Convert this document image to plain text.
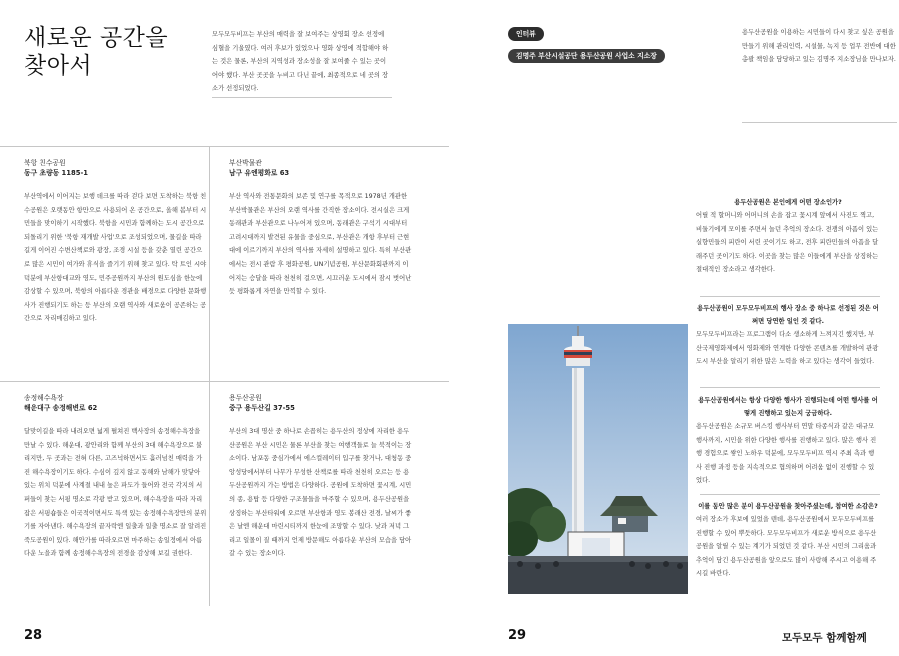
새로운 공간을 찾아서
모두모두비프는 부산의 매력을 잘 보여주는 상영회 장소 선정에 심혈을 기울였다. 여러 후보가 있었으나 영화 상영에 적합해야 하는 것은 물론, 부산의 지역성과 장소성을 잘 보여줄 수 있는 곳이어야 했다. 부산 곳곳을 누비고 다닌 끝에, 최종적으로 네 곳의 장소가 선정되었다.
북항 친수공원
동구 초량동 1185-1
부산역에서 이어지는 보행 데크를 따라 걷다 보면 도착하는 북항 친수공원은 오랫동안 항만으로 사용되어 온 공간으로, 올해 봄부터 시민들을 맞이하기 시작했다. 북항을 시민과 함께하는 도시 공간으로 되돌리기 위한 '북항 재개발 사업'으로 조성되었으며, 물길을 따라 길게 이어진 수변산책로와 광장, 조경 시설 등을 갖춘 열린 공간으로 많은 시민이 여가와 휴식을 즐기기 위해 찾고 있다. 탁 트인 시야 덕분에 부산항대교와 영도, 민주공원까지 부산의 원도심을 한눈에 감상할 수 있으며, 북항의 아름다운 경관을 배경으로 다양한 문화행사가 진행되기도 하는 등 부산의 오랜 역사와 새로움이 공존하는 공간으로 자리매김하고 있다.
부산박물관
남구 유엔평화로 63
부산 역사와 전통문화의 보존 및 연구를 목적으로 1978년 개관한 부산박물관은 부산의 오랜 역사를 간직한 장소이다. 전시실은 크게 동래관과 부산관으로 나누어져 있으며, 동래관은 구석기 시대부터 고려시대까지 발견된 유물을 중심으로, 부산관은 개항 후부터 근현대에 이르기까지 부산의 역사를 자세히 설명하고 있다. 특히 부산관에서는 전시 관람 후 평화공원, UN기념공원, 부산문화회관까지 이어지는 승달을 따라 천천히 걸으면, 시끄러운 도시에서 잠시 벗어난 듯 평화롭게 자연을 만끽할 수 있다.
송정해수욕장
해운대구 송정해변로 62
달맞이길을 따라 내려오면 넓게 펼쳐진 백사장의 송정해수욕장을 만날 수 있다. 해운대, 광안리와 함께 부산의 3대 해수욕장으로 불리지만, 두 곳과는 전혀 다른, 고즈넉하면서도 흘러넘친 매력을 가진 해수욕장이기도 하다. 수심이 깊지 않고 동해와 남해가 맞닿아 있는 위치 덕분에 사계절 내내 높은 파도가 들어와 전국 각지의 서퍼들이 찾는 서핑 명소로 각광 받고 있으며, 해수욕장을 따라 자리 잡은 서핑숍들은 이국적이면서도 특색 있는 송정해수욕장만의 분위기를 자아낸다. 해수욕장의 끝자락엔 일출과 일출 명소로 잘 알려진 죽도공원이 있다. 해안가를 따라오르면 마주하는 송일정에서 아름다운 노을과 함께 송정해수욕장의 전경을 감상해 보길 권한다.
용두산공원
중구 용두산길 37-55
부산의 3대 명산 중 하나로 손꼽히는 용두산의 정상에 자리한 용두산공원은 부산 시민은 물론 부산을 찾는 여행객들로 늘 북적이는 장소이다. 남포동 중심가에서 에스컬레이터 입구를 찾거나, 대청동 중앙성당에서부터 나무가 무성한 산책로를 따라 천천히 오르는 등 용두산공원까지 가는 방법은 다양하다. 공원에 도착하면 꽃시계, 시민의 종, 용탑 등 다양한 구조물들을 마주할 수 있으며, 용두산공원을 상징하는 부산타워에 오르면 부산항과 영도 봉래산 전경, 날씨가 좋은 날엔 해운대 마린시티까지 한눈에 조망할 수 있다. 낮과 저녁 그리고 일몰이 질 때까지 언제 방문해도 아름다운 부산의 모습을 담아 갈 수 있는 장소이다.
28
인터뷰
김명주 부산시설공단 용두산공원 사업소 지소장
용두산공원을 이용하는 시민들이 다시 찾고 싶은 공원을 만들기 위해 관리인력, 시설물, 녹지 등 업무 전반에 대한 총괄 책임을 담당하고 있는 김명주 지소장님을 만나보자.
용두산공원은 본인에게 어떤 장소인가?
어릴 적 할머니와 어머니의 손을 잡고 꽃시계 앞에서 사진도 찍고, 비둘기에게 모이를 주면서 놀던 추억의 장소다. 전쟁의 아픔이 있는 실향민들의 피란이 서린 곳이기도 하고, 전후 피란민들의 아픔을 달래주던 곳이기도 하다. 이곳을 찾는 많은 이들에게 부산을 상징하는 절대적인 장소라고 생각한다.
용두산공원이 모두모두비프의 행사 장소 중 하나로 선정된 것은 어쩌면 당연한 일인 것 같다.
모두모두비프라는 프로그램이 다소 생소하게 느껴지긴 했지만, 부산국제영화제에서 영화제와 연계한 다양한 콘텐츠를 개발하여 관광도시 부산을 알리기 위한 많은 노력을 하고 있다는 생각이 들었다.
용두산공원에서는 항상 다양한 행사가 진행되는데 어떤 행사를 어떻게 진행하고 있는지 궁금하다.
용두산공원은 소규모 버스킹 행사부터 연말 타종식과 같은 대규모 행사까지, 시민을 위한 다양한 행사를 진행하고 있다. 많은 행사 진행 경험으로 쌓인 노하우 덕분에, 모두모두비프 역시 주최 측과 행사 진행 과정 등을 지속적으로 협의하며 어려움 없이 진행할 수 있었다.
이를 동안 많은 분이 용두산공원을 찾아주셨는데, 참여한 소감은?
여러 장소가 후보에 있었을 텐데, 용두산공원에서 모두모두비프를 진행할 수 있어 뿌듯하다. 모두모두비프가 새로운 방식으로 용두산공원을 알릴 수 있는 계기가 되었던 것 같다. 부산 시민의 그리움과 추억이 담긴 용두산공원을 앞으로도 많이 사랑해 주시고 이용해 주시길 바란다.
29	모두모두 함께함께
